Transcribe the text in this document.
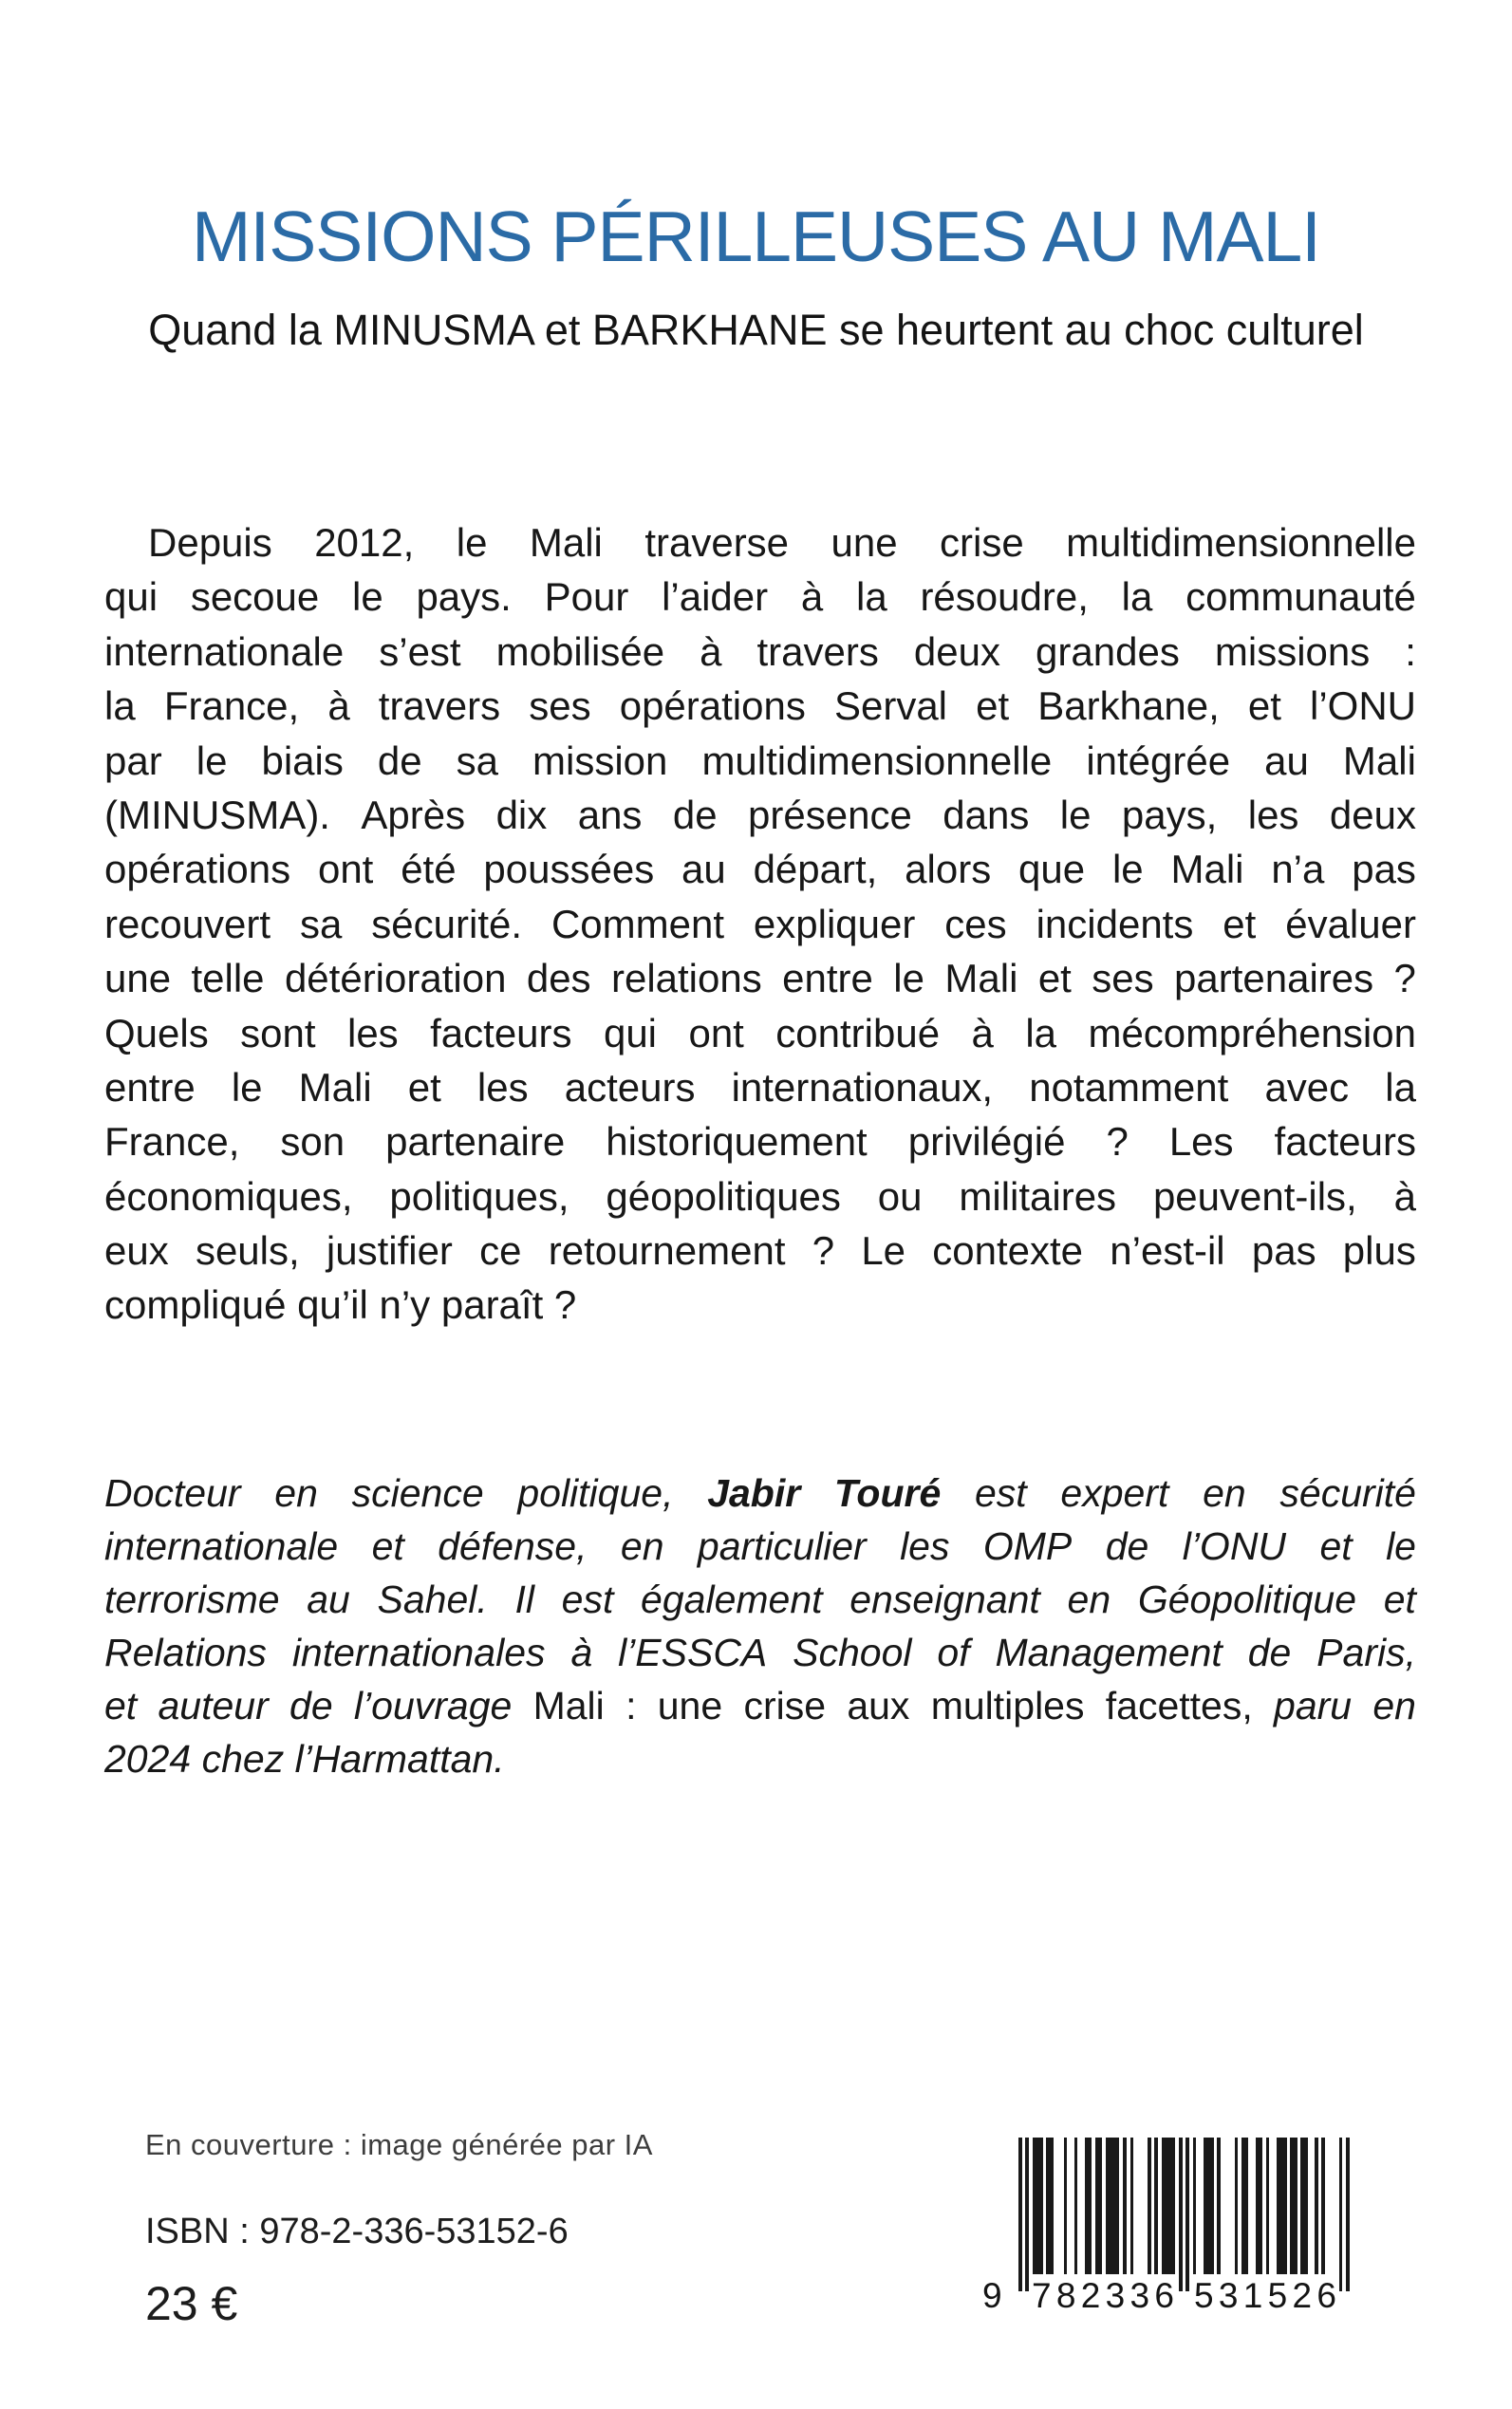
MISSIONS PÉRILLEUSES AU MALI
Quand la MINUSMA et BARKHANE se heurtent au choc culturel
Depuis 2012, le Mali traverse une crise multidimensionnelle
qui secoue le pays. Pour l’aider à la résoudre, la communauté
internationale s’est mobilisée à travers deux grandes missions :
la France, à travers ses opérations Serval et Barkhane, et l’ONU
par le biais de sa mission multidimensionnelle intégrée au Mali
(MINUSMA). Après dix ans de présence dans le pays, les deux
opérations ont été poussées au départ, alors que le Mali n’a pas
recouvert sa sécurité. Comment expliquer ces incidents et évaluer
une telle détérioration des relations entre le Mali et ses partenaires ?
Quels sont les facteurs qui ont contribué à la mécompréhension
entre le Mali et les acteurs internationaux, notamment avec la
France, son partenaire historiquement privilégié ? Les facteurs
économiques, politiques, géopolitiques ou militaires peuvent-ils, à
eux seuls, justifier ce retournement ? Le contexte n’est-il pas plus
compliqué qu’il n’y paraît ?
Docteur en science politique, Jabir Touré est expert en sécurité
internationale et défense, en particulier les OMP de l’ONU et le
terrorisme au Sahel. Il est également enseignant en Géopolitique et
Relations internationales à l’ESSCA School of Management de Paris,
et auteur de l’ouvrage Mali : une crise aux multiples facettes, paru en
2024 chez l’Harmattan.
En couverture : image générée par IA
ISBN : 978-2-336-53152-6
23 €	9 7 8 2 3 3 6 5 3 1 5 2 6
